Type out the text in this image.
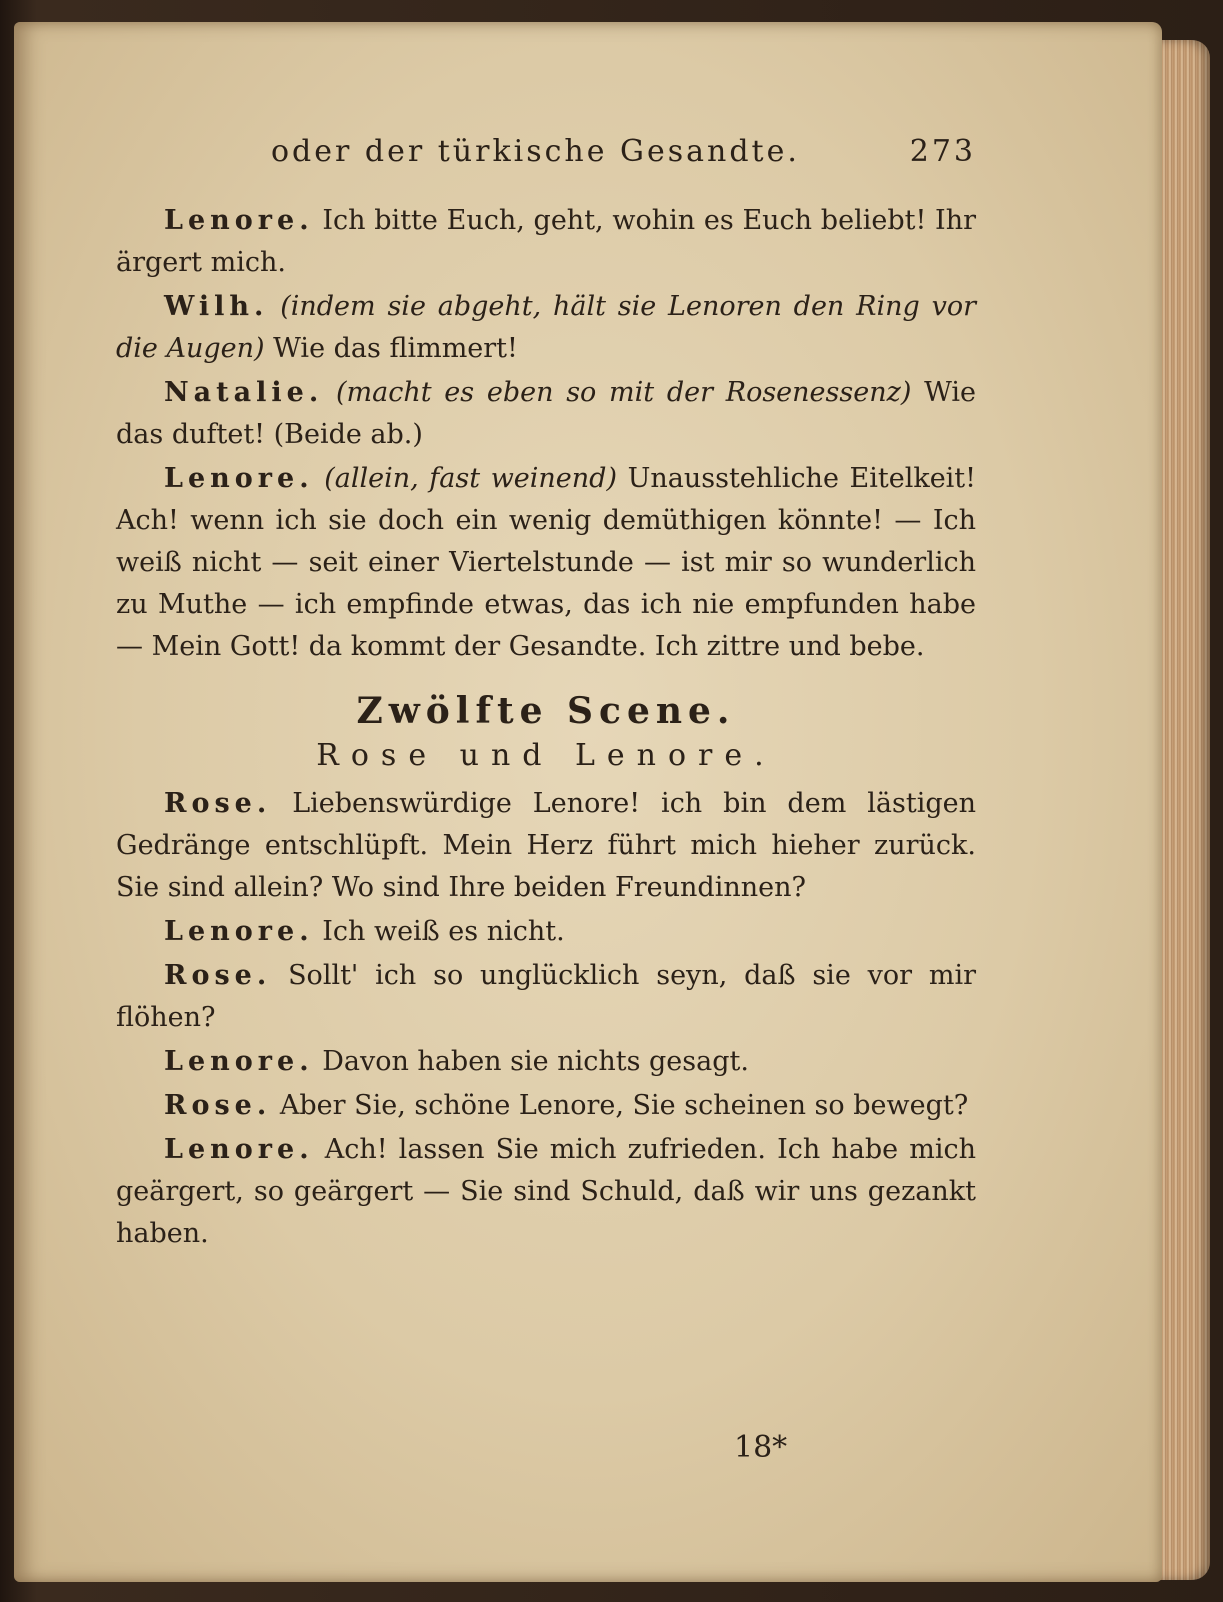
oder der türkische Gesandte.	273

Lenore. Ich bitte Euch, geht, wohin es Euch beliebt! Ihr ärgert mich.

Wilh. (indem sie abgeht, hält sie Lenoren den Ring vor die Augen) Wie das flimmert!

Natalie. (macht es eben so mit der Rosenessenz) Wie das duftet! (Beide ab.)

Lenore. (allein, fast weinend) Unausstehliche Eitelkeit! Ach! wenn ich sie doch ein wenig demüthigen könnte! — Ich weiß nicht — seit einer Viertelstunde — ist mir so wunderlich zu Muthe — ich empfinde etwas, das ich nie empfunden habe — Mein Gott! da kommt der Gesandte. Ich zittre und bebe.

Zwölfte Scene.
Rose und Lenore.

Rose. Liebenswürdige Lenore! ich bin dem lästigen Gedränge entschlüpft. Mein Herz führt mich hieher zurück. Sie sind allein? Wo sind Ihre beiden Freundinnen?

Lenore. Ich weiß es nicht.

Rose. Sollt' ich so unglücklich seyn, daß sie vor mir flöhen?

Lenore. Davon haben sie nichts gesagt.

Rose. Aber Sie, schöne Lenore, Sie scheinen so bewegt?

Lenore. Ach! lassen Sie mich zufrieden. Ich habe mich geärgert, so geärgert — Sie sind Schuld, daß wir uns gezankt haben.

18*
